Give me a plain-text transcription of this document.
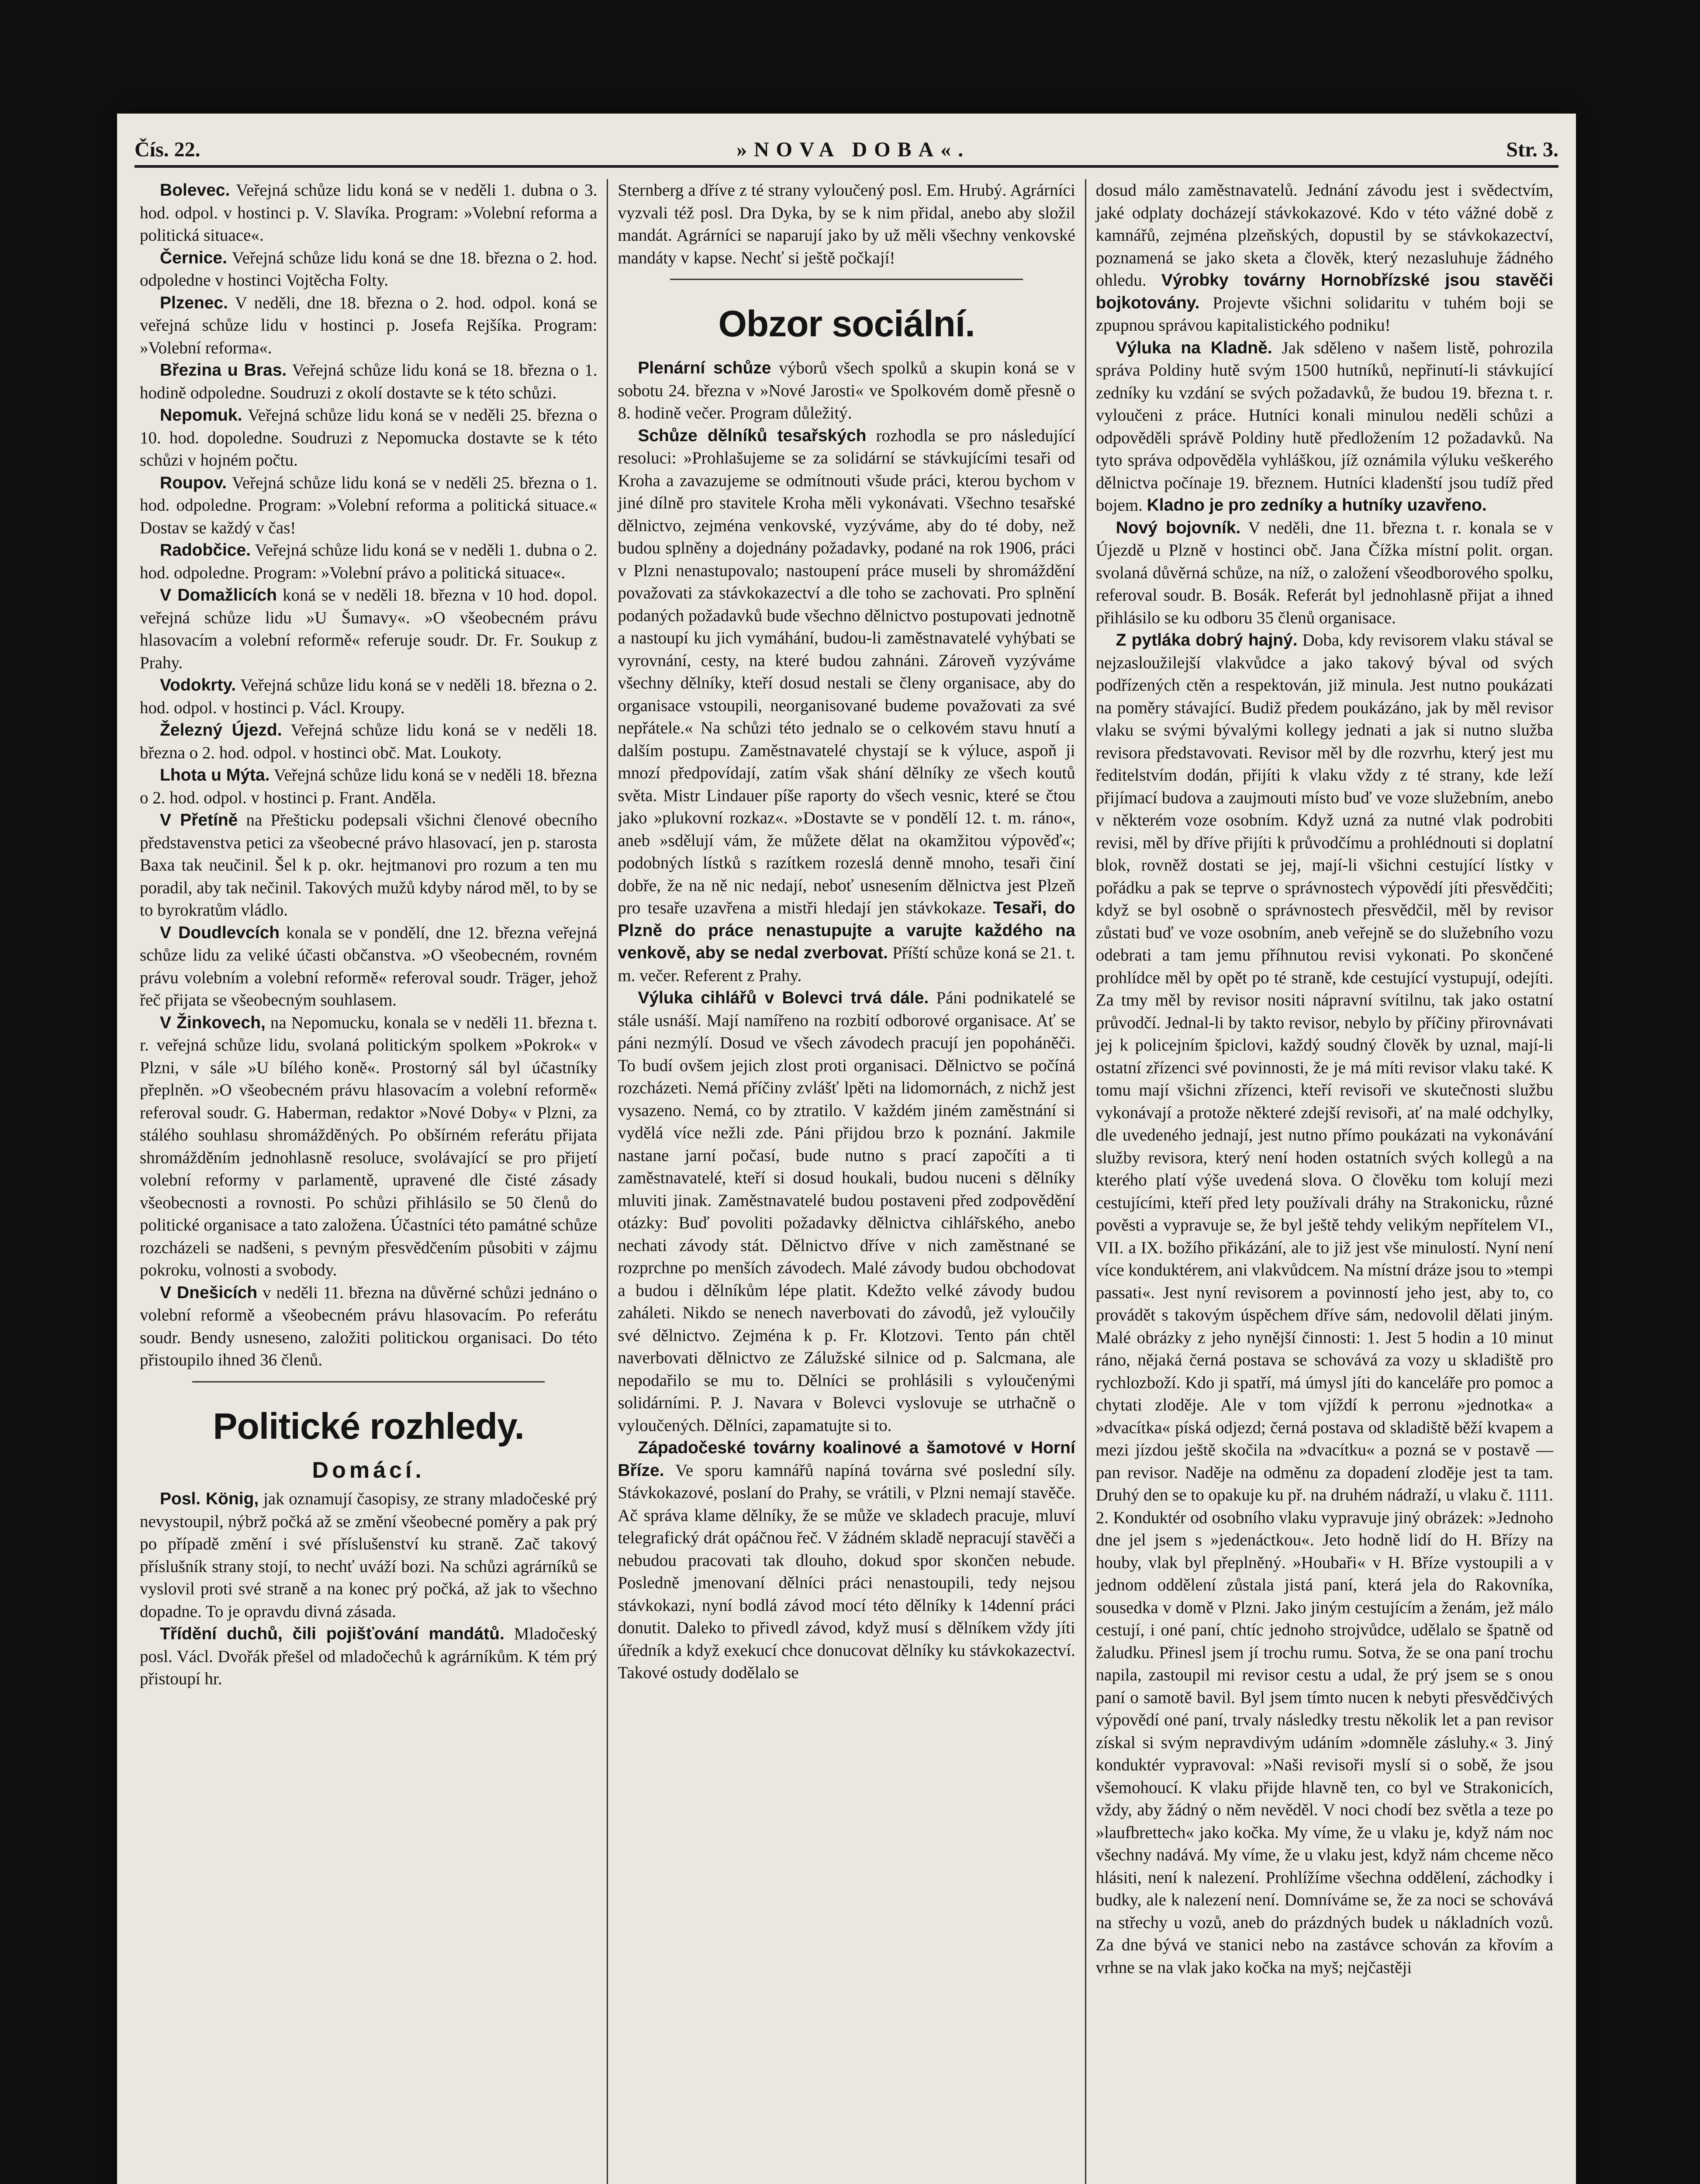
Čís. 22.	»NOVA DOBA«.	Str. 3.

Bolevec. Veřejná schůze lidu koná se v neděli 1. dubna o 3. hod. odpol. v hostinci p. V. Slavíka. Program: »Volební reforma a politická situace«.

Černice. Veřejná schůze lidu koná se dne 18. března o 2. hod. odpoledne v hostinci Vojtěcha Folty.

Plzenec. V neděli, dne 18. března o 2. hod. odpol. koná se veřejná schůze lidu v hostinci p. Josefa Rejšíka. Program: »Volební reforma«.

Březina u Bras. Veřejná schůze lidu koná se 18. března o 1. hodině odpoledne. Soudruzi z okolí dostavte se k této schůzi.

Nepomuk. Veřejná schůze lidu koná se v neděli 25. března o 10. hod. dopoledne. Soudruzi z Nepomucka dostavte se k této schůzi v hojném počtu.

Roupov. Veřejná schůze lidu koná se v neděli 25. března o 1. hod. odpoledne. Program: »Volební reforma a politická situace.« Dostav se každý v čas!

Radobčice. Veřejná schůze lidu koná se v neděli 1. dubna o 2. hod. odpoledne. Program: »Volební právo a politická situace«.

V Domažlicích koná se v neděli 18. března v 10 hod. dopol. veřejná schůze lidu »U Šumavy«. »O všeobecném právu hlasovacím a volební reformě« referuje soudr. Dr. Fr. Soukup z Prahy.

Vodokrty. Veřejná schůze lidu koná se v neděli 18. března o 2. hod. odpol. v hostinci p. Václ. Kroupy.

Železný Újezd. Veřejná schůze lidu koná se v neděli 18. března o 2. hod. odpol. v hostinci obč. Mat. Loukoty.

Lhota u Mýta. Veřejná schůze lidu koná se v neděli 18. března o 2. hod. odpol. v hostinci p. Frant. Anděla.

V Přetíně na Přešticku podepsali všichni členové obecního představenstva petici za všeobecné právo hlasovací, jen p. starosta Baxa tak neučinil. Šel k p. okr. hejtmanovi pro rozum a ten mu poradil, aby tak nečinil. Takových mužů kdyby národ měl, to by se to byrokratům vládlo.

V Doudlevcích konala se v pondělí, dne 12. března veřejná schůze lidu za veliké účasti občanstva. »O všeobecném, rovném právu volebním a volební reformě« referoval soudr. Träger, jehož řeč přijata se všeobecným souhlasem.

V Žinkovech, na Nepomucku, konala se v neděli 11. března t. r. veřejná schůze lidu, svolaná politickým spolkem »Pokrok« v Plzni, v sále »U bílého koně«. Prostorný sál byl účastníky přeplněn. »O všeobecném právu hlasovacím a volební reformě« referoval soudr. G. Haberman, redaktor »Nové Doby« v Plzni, za stálého souhlasu shromážděných. Po obšírném referátu přijata shromážděním jednohlasně resoluce, svolávající se pro přijetí volební reformy v parlamentě, upravené dle čisté zásady všeobecnosti a rovnosti. Po schůzi přihlásilo se 50 členů do politické organisace a tato založena. Účastníci této památné schůze rozcházeli se nadšeni, s pevným přesvědčením působiti v zájmu pokroku, volnosti a svobody.

V Dnešicích v neděli 11. března na důvěrné schůzi jednáno o volební reformě a všeobecném právu hlasovacím. Po referátu soudr. Bendy usneseno, založiti politickou organisaci. Do této přistoupilo ihned 36 členů.

Politické rozhledy.
Domácí.

Posl. König, jak oznamují časopisy, ze strany mladočeské prý nevystoupil, nýbrž počká až se změní všeobecné poměry a pak prý po případě změní i své příslušenství ku straně. Zač takový příslušník strany stojí, to nechť uváží bozi. Na schůzi agrárníků se vyslovil proti své straně a na konec prý počká, až jak to všechno dopadne. To je opravdu divná zásada.

Třídění duchů, čili pojišťování mandátů. Mladočeský posl. Václ. Dvořák přešel od mladočechů k agrárníkům. K tém prý přistoupí hr.

Sternberg a dříve z té strany vyloučený posl. Em. Hrubý. Agrárníci vyzvali též posl. Dra Dyka, by se k nim přidal, anebo aby složil mandát. Agrárníci se naparují jako by už měli všechny venkovské mandáty v kapse. Nechť si ještě počkají!

Obzor sociální.

Plenární schůze výborů všech spolků a skupin koná se v sobotu 24. března v »Nové Jarosti« ve Spolkovém domě přesně o 8. hodině večer. Program důležitý.

Schůze dělníků tesařských rozhodla se pro následující resoluci: »Prohlašujeme se za solidární se stávkujícími tesaři od Kroha a zavazujeme se odmítnouti všude práci, kterou bychom v jiné dílně pro stavitele Kroha měli vykonávati. Všechno tesařské dělnictvo, zejména venkovské, vyzýváme, aby do té doby, než budou splněny a dojednány požadavky, podané na rok 1906, práci v Plzni nenastupovalo; nastoupení práce museli by shromáždění považovati za stávkokazectví a dle toho se zachovati. Pro splnění podaných požadavků bude všechno dělnictvo postupovati jednotně a nastoupí ku jich vymáhání, budou-li zaměstnavatelé vyhýbati se vyrovnání, cesty, na které budou zahnáni. Zároveň vyzýváme všechny dělníky, kteří dosud nestali se členy organisace, aby do organisace vstoupili, neorganisované budeme považovati za své nepřátele.« Na schůzi této jednalo se o celkovém stavu hnutí a dalším postupu. Zaměstnavatelé chystají se k výluce, aspoň ji mnozí předpovídají, zatím však shání dělníky ze všech koutů světa. Mistr Lindauer píše raporty do všech vesnic, které se čtou jako »plukovní rozkaz«. »Dostavte se v pondělí 12. t. m. ráno«, aneb »sdělují vám, že můžete dělat na okamžitou výpověď«; podobných lístků s razítkem rozeslá denně mnoho, tesaři činí dobře, že na ně nic nedají, neboť usnesením dělnictva jest Plzeň pro tesaře uzavřena a mistři hledají jen stávkokaze. Tesaři, do Plzně do práce nenastupujte a varujte každého na venkově, aby se nedal zverbovat. Příští schůze koná se 21. t. m. večer. Referent z Prahy.

Výluka cihlářů v Bolevci trvá dále. Páni podnikatelé se stále usnáší. Mají namířeno na rozbití odborové organisace. Ať se páni nezmýlí. Dosud ve všech závodech pracují jen popoháněči. To budí ovšem jejich zlost proti organisaci. Dělnictvo se počíná rozcházeti. Nemá příčiny zvlášť lpěti na lidomornách, z nichž jest vysazeno. Nemá, co by ztratilo. V každém jiném zaměstnání si vydělá více nežli zde. Páni přijdou brzo k poznání. Jakmile nastane jarní počasí, bude nutno s prací započíti a ti zaměstnavatelé, kteří si dosud houkali, budou nuceni s dělníky mluviti jinak. Zaměstnavatelé budou postaveni před zodpovědění otázky: Buď povoliti požadavky dělnictva cihlářského, anebo nechati závody stát. Dělnictvo dříve v nich zaměstnané se rozprchne po menších závodech. Malé závody budou obchodovat a budou i dělníkům lépe platit. Kdežto velké závody budou zaháleti. Nikdo se nenech naverbovati do závodů, jež vyloučily své dělnictvo. Zejména k p. Fr. Klotzovi. Tento pán chtěl naverbovati dělnictvo ze Zálužské silnice od p. Salcmana, ale nepodařilo se mu to. Dělníci se prohlásili s vyloučenými solidárními. P. J. Navara v Bolevci vyslovuje se utrhačně o vyloučených. Dělníci, zapamatujte si to.

Západočeské továrny koalinové a šamotové v Horní Bříze. Ve sporu kamnářů napíná továrna své poslední síly. Stávkokazové, poslaní do Prahy, se vrátili, v Plzni nemají stavěče. Ač správa klame dělníky, že se může ve skladech pracuje, mluví telegrafický drát opáčnou řeč. V žádném skladě nepracují stavěči a nebudou pracovati tak dlouho, dokud spor skončen nebude. Posledně jmenovaní dělníci práci nenastoupili, tedy nejsou stávkokazi, nyní bodlá závod mocí této dělníky k 14denní práci donutit. Daleko to přivedl závod, když musí s dělníkem vždy jíti úředník a když exekucí chce donucovat dělníky ku stávkokazectví. Takové ostudy dodělalo se

dosud málo zaměstnavatelů. Jednání závodu jest i svědectvím, jaké odplaty docházejí stávkokazové. Kdo v této vážné době z kamnářů, zejména plzeňských, dopustil by se stávkokazectví, poznamená se jako sketa a člověk, který nezasluhuje žádného ohledu. Výrobky továrny Hornobřízské jsou stavěči bojkotovány. Projevte všichni solidaritu v tuhém boji se zpupnou správou kapitalistického podniku!

Výluka na Kladně. Jak sděleno v našem listě, pohrozila správa Poldiny hutě svým 1500 hutníků, nepřinutí-li stávkující zedníky ku vzdání se svých požadavků, že budou 19. března t. r. vyloučeni z práce. Hutníci konali minulou neděli schůzi a odpověděli správě Poldiny hutě předložením 12 požadavků. Na tyto správa odpověděla vyhláškou, jíž oznámila výluku veškerého dělnictva počínaje 19. březnem. Hutníci kladenští jsou tudíž před bojem. Kladno je pro zedníky a hutníky uzavřeno.

Nový bojovník. V neděli, dne 11. března t. r. konala se v Újezdě u Plzně v hostinci obč. Jana Čížka místní polit. organ. svolaná důvěrná schůze, na níž, o založení všeodborového spolku, referoval soudr. B. Bosák. Referát byl jednohlasně přijat a ihned přihlásilo se ku odboru 35 členů organisace.

Z pytláka dobrý hajný. Doba, kdy revisorem vlaku stával se nejzasloužilejší vlakvůdce a jako takový býval od svých podřízených ctěn a respektován, již minula. Jest nutno poukázati na poměry stávající. Budiž předem poukázáno, jak by měl revisor vlaku se svými bývalými kollegy jednati a jak si nutno služba revisora představovati. Revisor měl by dle rozvrhu, který jest mu ředitelstvím dodán, přijíti k vlaku vždy z té strany, kde leží přijímací budova a zaujmouti místo buď ve voze služebním, anebo v některém voze osobním. Když uzná za nutné vlak podrobiti revisi, měl by dříve přijíti k průvodčímu a prohlédnouti si doplatní blok, rovněž dostati se jej, mají-li všichni cestující lístky v pořádku a pak se teprve o správnostech výpovědí jíti přesvědčiti; když se byl osobně o správnostech přesvědčil, měl by revisor zůstati buď ve voze osobním, aneb veřejně se do služebního vozu odebrati a tam jemu příhnutou revisi vykonati. Po skončené prohlídce měl by opět po té straně, kde cestující vystupují, odejíti. Za tmy měl by revisor nositi nápravní svítilnu, tak jako ostatní průvodčí. Jednal-li by takto revisor, nebylo by příčiny přirovnávati jej k policejním špiclovi, každý soudný člověk by uznal, mají-li ostatní zřízenci své povinnosti, že je má míti revisor vlaku také. K tomu mají všichni zřízenci, kteří revisoři ve skutečnosti službu vykonávají a protože některé zdejší revisoři, ať na malé odchylky, dle uvedeného jednají, jest nutno přímo poukázati na vykonávání služby revisora, který není hoden ostatních svých kollegů a na kterého platí výše uvedená slova. O člověku tom kolují mezi cestujícími, kteří před lety používali dráhy na Strakonicku, různé pověsti a vypravuje se, že byl ještě tehdy velikým nepřítelem VI., VII. a IX. božího přikázání, ale to již jest vše minulostí. Nyní není více konduktérem, ani vlakvůdcem. Na místní dráze jsou to »tempi passati«. Jest nyní revisorem a povinností jeho jest, aby to, co provádět s takovým úspěchem dříve sám, nedovolil dělati jiným. Malé obrázky z jeho nynější činnosti: 1. Jest 5 hodin a 10 minut ráno, nějaká černá postava se schovává za vozy u skladiště pro rychlozboží. Kdo ji spatří, má úmysl jíti do kanceláře pro pomoc a chytati zloděje. Ale v tom vjíždí k perronu »jednotka« a »dvacítka« píská odjezd; černá postava od skladiště běží kvapem a mezi jízdou ještě skočila na »dvacítku« a pozná se v postavě — pan revisor. Naděje na odměnu za dopadení zloděje jest ta tam. Druhý den se to opakuje ku př. na druhém nádraží, u vlaku č. 1111. 2. Konduktér od osobního vlaku vypravuje jiný obrázek: »Jednoho dne jel jsem s »jedenáctkou«. Jeto hodně lidí do H. Břízy na houby, vlak byl přeplněný. »Houbaři« v H. Bříze vystoupili a v jednom oddělení zůstala jistá paní, která jela do Rakovníka, sousedka v domě v Plzni. Jako jiným cestujícím a ženám, jež málo cestují, i oné paní, chtíc jednoho strojvůdce, udělalo se špatně od žaludku. Přinesl jsem jí trochu rumu. Sotva, že se ona paní trochu napila, zastoupil mi revisor cestu a udal, že prý jsem se s onou paní o samotě bavil. Byl jsem tímto nucen k nebyti přesvědčivých výpovědí oné paní, trvaly následky trestu několik let a pan revisor získal si svým nepravdivým udáním »domněle zásluhy.« 3. Jiný konduktér vypravoval: »Naši revisoři myslí si o sobě, že jsou všemohoucí. K vlaku přijde hlavně ten, co byl ve Strakonicích, vždy, aby žádný o něm nevěděl. V noci chodí bez světla a teze po »laufbrettech« jako kočka. My víme, že u vlaku je, když nám noc všechny nadává. My víme, že u vlaku jest, když nám chceme něco hlásiti, není k nalezení. Prohlížíme všechna oddělení, záchodky i budky, ale k nalezení není. Domníváme se, že za noci se schovává na střechy u vozů, aneb do prázdných budek u nákladních vozů. Za dne bývá ve stanici nebo na zastávce schován za křovím a vrhne se na vlak jako kočka na myš; nejčastěji
